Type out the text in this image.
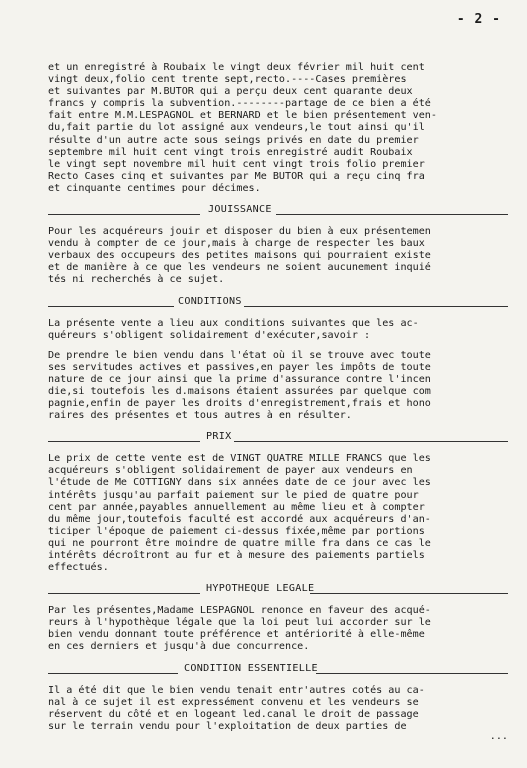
- 2 -

et un enregistré à Roubaix le vingt deux février mil huit cent
vingt deux,folio cent trente sept,recto.----Cases premières
et suivantes par M.BUTOR qui a perçu deux cent quarante deux
francs y compris la subvention.--------partage de ce bien a été
fait entre M.M.LESPAGNOL et BERNARD et le bien présentement ven-
du,fait partie du lot assigné aux vendeurs,le tout ainsi qu'il
résulte d'un autre acte sous seings privés en date du premier
septembre mil huit cent vingt trois enregistré audit Roubaix
le vingt sept novembre mil huit cent vingt trois folio premier
Recto Cases cinq et suivantes par Me BUTOR qui a reçu cinq fra
et cinquante centimes pour décimes.

JOUISSANCE

Pour les acquéreurs jouir et disposer du bien à eux présentemen
vendu à compter de ce jour,mais à charge de respecter les baux
verbaux des occupeurs des petites maisons qui pourraient existe
et de manière à ce que les vendeurs ne soient aucunement inquié
tés ni recherchés à ce sujet.

CONDITIONS

La présente vente a lieu aux conditions suivantes que les ac-
quéreurs s'obligent solidairement d'exécuter,savoir :

De prendre le bien vendu dans l'état où il se trouve avec toute
ses servitudes actives et passives,en payer les impôts de toute
nature de ce jour ainsi que la prime d'assurance contre l'incen
die,si toutefois les d.maisons étaient assurées par quelque com
pagnie,enfin de payer les droits d'enregistrement,frais et hono
raires des présentes et tous autres à en résulter.

PRIX

Le prix de cette vente est de VINGT QUATRE MILLE FRANCS que les
acquéreurs s'obligent solidairement de payer aux vendeurs en
l'étude de Me COTTIGNY dans six années date de ce jour avec les
intérêts jusqu'au parfait paiement sur le pied de quatre pour
cent par année,payables annuellement au même lieu et à compter
du même jour,toutefois faculté est accordé aux acquéreurs d'an-
ticiper l'époque de paiement ci-dessus fixée,même par portions
qui ne pourront être moindre de quatre mille fra dans ce cas le
intérêts décroîtront au fur et à mesure des paiements partiels
effectués.

HYPOTHEQUE LEGALE

Par les présentes,Madame LESPAGNOL renonce en faveur des acqué-
reurs à l'hypothèque légale que la loi peut lui accorder sur le
bien vendu donnant toute préférence et antériorité à elle-même
en ces derniers et jusqu'à due concurrence.

CONDITION ESSENTIELLE

Il a été dit que le bien vendu tenait entr'autres cotés au ca-
nal à ce sujet il est expressément convenu et les vendeurs se
réservent du côté et en logeant led.canal le droit de passage
sur le terrain vendu pour l'exploitation de deux parties de

...
